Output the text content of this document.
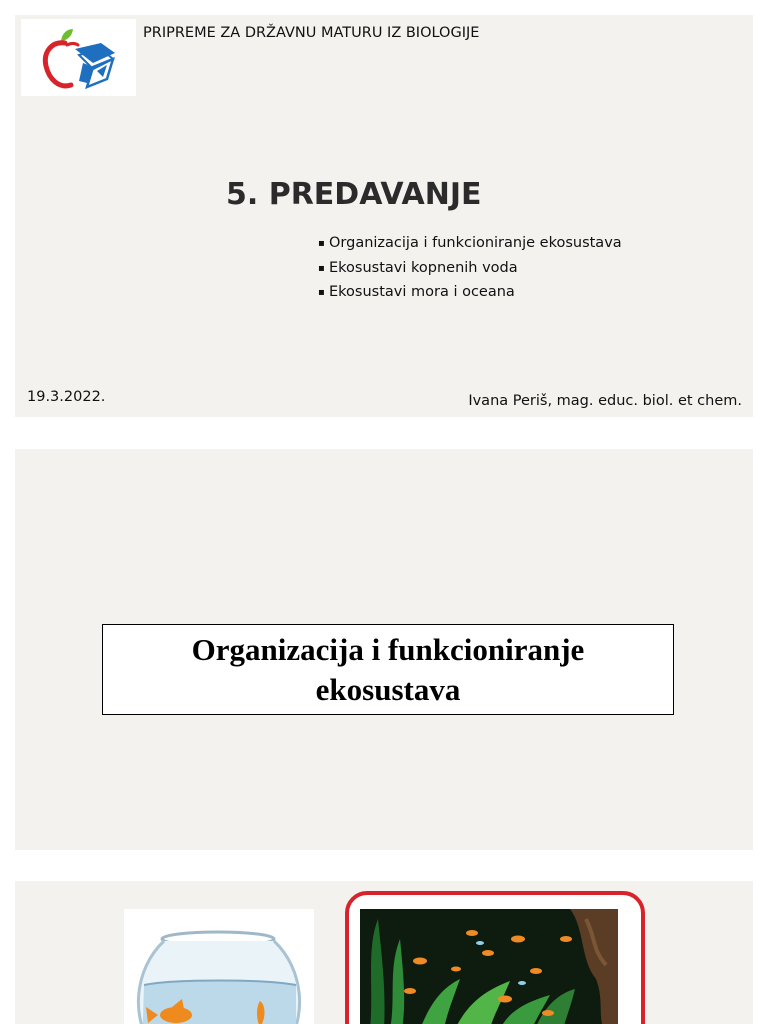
PRIPREME ZA DRŽAVNU MATURU IZ BIOLOGIJE
5. PREDAVANJE
▪ Organizacija i funkcioniranje ekosustava
▪ Ekosustavi kopnenih voda
▪ Ekosustavi mora i oceana
19.3.2022.	Ivana Periš, mag. educ. biol. et chem.
Organizacija i funkcioniranje
ekosustava
